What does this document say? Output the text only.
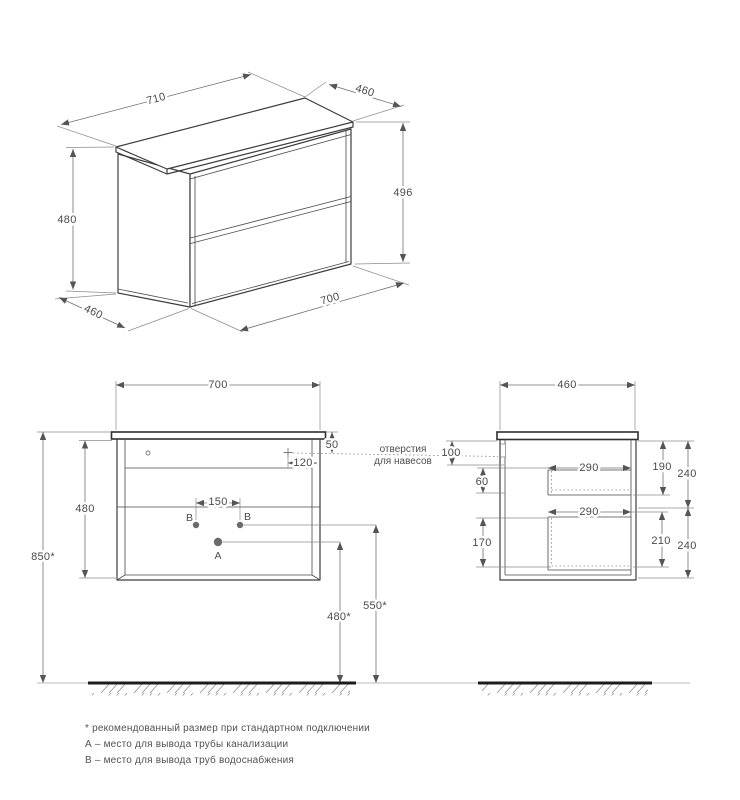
710	460
496
480
460
700
В	В
А
700
50
120
480
850*
150
550*
480*
отверстия
для навесов
460
100
60
290	190
240
290
170	210 240
* рекомендованный размер при стандартном подключении
А – место для вывода трубы канализации
В – место для вывода труб водоснабжения
